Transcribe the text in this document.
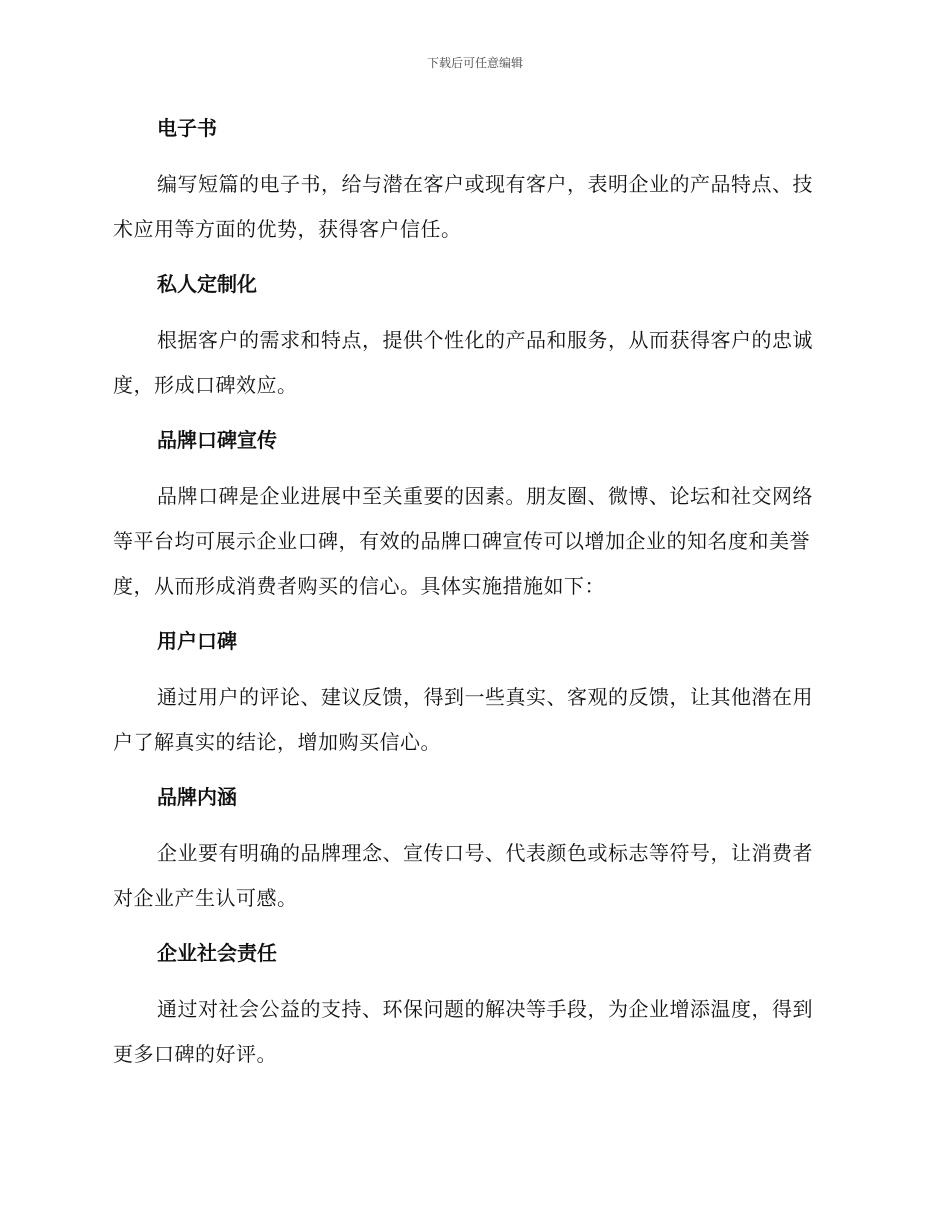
下载后可任意编辑
电子书

编写短篇的电子书，给与潜在客户或现有客户，表明企业的产品特点、技术应用等方面的优势，获得客户信任。

私人定制化

根据客户的需求和特点，提供个性化的产品和服务，从而获得客户的忠诚度，形成口碑效应。

品牌口碑宣传

品牌口碑是企业进展中至关重要的因素。朋友圈、微博、论坛和社交网络等平台均可展示企业口碑，有效的品牌口碑宣传可以增加企业的知名度和美誉度，从而形成消费者购买的信心。具体实施措施如下：

用户口碑

通过用户的评论、建议反馈，得到一些真实、客观的反馈，让其他潜在用户了解真实的结论，增加购买信心。

品牌内涵

企业要有明确的品牌理念、宣传口号、代表颜色或标志等符号，让消费者对企业产生认可感。

企业社会责任

通过对社会公益的支持、环保问题的解决等手段，为企业增添温度，得到更多口碑的好评。
